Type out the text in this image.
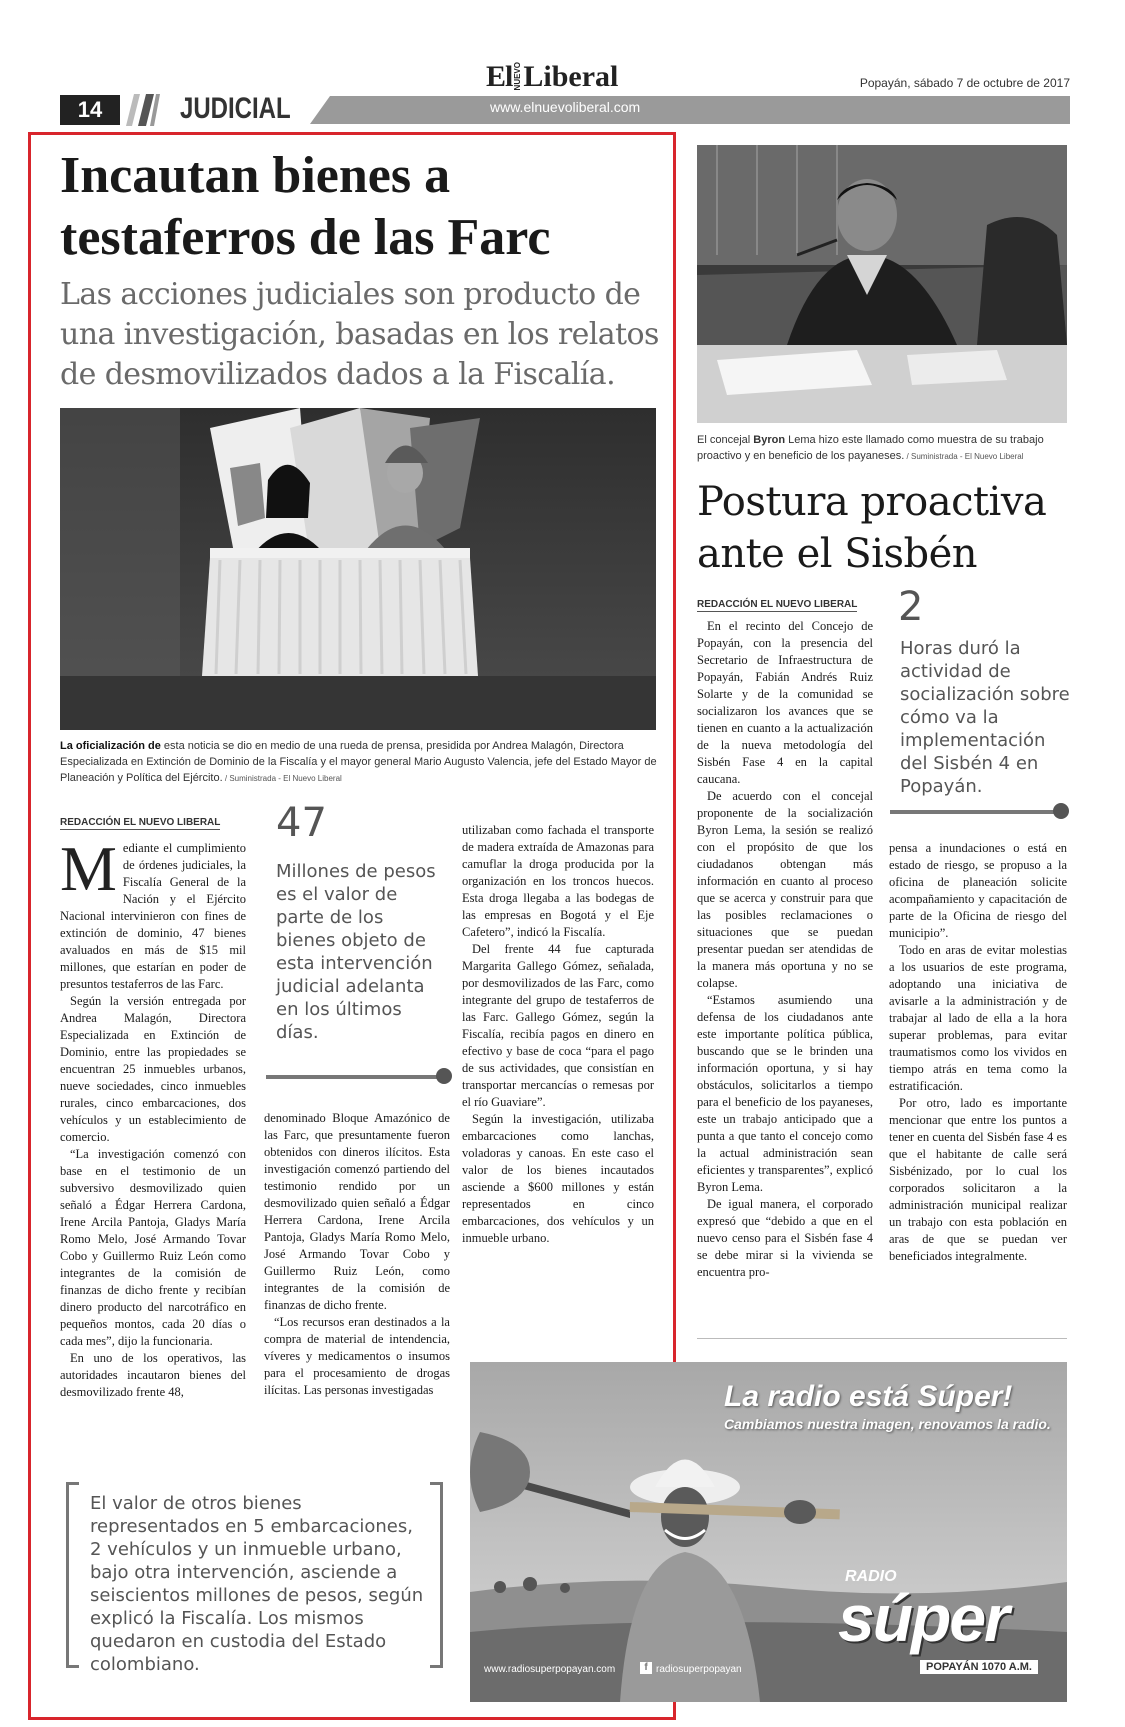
14	JUDICIAL	www.elnuevoliberal.com
El NUEVO Liberal	Popayán, sábado 7 de octubre de 2017
Incautan bienes a testaferros de las Farc
Las acciones judiciales son producto de una investigación, basadas en los relatos de desmovilizados dados a la Fiscalía.
La oficialización de esta noticia se dio en medio de una rueda de prensa, presidida por Andrea Malagón, Directora Especializada en Extinción de Dominio de la Fiscalía y el mayor general Mario Augusto Valencia, jefe del Estado Mayor de Planeación y Política del Ejército. / Suministrada - El Nuevo Liberal
REDACCIÓN EL NUEVO LIBERAL
M ediante el cumplimiento de órdenes judiciales, la Fiscalía General de la Nación y el Ejército Nacional intervinieron con fines de extinción de dominio, 47 bienes avaluados en más de $15 mil millones, que estarían en poder de presuntos testaferros de las Farc.

Según la versión entregada por Andrea Malagón, Directora Especializada en Extinción de Dominio, entre las propiedades se encuentran 25 inmuebles urbanos, nueve sociedades, cinco inmuebles rurales, cinco embarcaciones, dos vehículos y un establecimiento de comercio.

“La investigación comenzó con base en el testimonio de un subversivo desmovilizado quien señaló a Édgar Herrera Cardona, Irene Arcila Pantoja, Gladys María Romo Melo, José Armando Tovar Cobo y Guillermo Ruiz León como integrantes de la comisión de finanzas de dicho frente y recibían dinero producto del narcotráfico en pequeños montos, cada 20 días o cada mes”, dijo la funcionaria.

En uno de los operativos, las autoridades incautaron bienes del desmovilizado frente 48,

47
Millones de pesos es el valor de parte de los bienes objeto de esta intervención judicial adelanta en los últimos días.

denominado Bloque Amazónico de las Farc, que presuntamente fueron obtenidos con dineros ilícitos. Esta investigación comenzó partiendo del testimonio rendido por un desmovilizado quien señaló a Édgar Herrera Cardona, Irene Arcila Pantoja, Gladys María Romo Melo, José Armando Tovar Cobo y Guillermo Ruiz León, como integrantes de la comisión de finanzas de dicho frente.

“Los recursos eran destinados a la compra de material de intendencia, víveres y medicamentos o insumos para el procesamiento de drogas ilícitas. Las personas investigadas

utilizaban como fachada el transporte de madera extraída de Amazonas para camuflar la droga producida por la organización en los troncos huecos. Esta droga llegaba a las bodegas de las empresas en Bogotá y el Eje Cafetero”, indicó la Fiscalía.

Del frente 44 fue capturada Margarita Gallego Gómez, señalada, por desmovilizados de las Farc, como integrante del grupo de testaferros de las Farc. Gallego Gómez, según la Fiscalía, recibía pagos en dinero en efectivo y base de coca “para el pago de sus actividades, que consistían en transportar mercancías o remesas por el río Guaviare”.

Según la investigación, utilizaba embarcaciones como lanchas, voladoras y canoas. En este caso el valor de los bienes incautados asciende a $600 millones y están representados en cinco embarcaciones, dos vehículos y un inmueble urbano.

El valor de otros bienes representados en 5 embarcaciones, 2 vehículos y un inmueble urbano, bajo otra intervención, asciende a seiscientos millones de pesos, según explicó la Fiscalía. Los mismos quedaron en custodia del Estado colombiano.
El concejal Byron Lema hizo este llamado como muestra de su trabajo proactivo y en beneficio de los payaneses. / Suministrada - El Nuevo Liberal
Postura proactiva ante el Sisbén
REDACCIÓN EL NUEVO LIBERAL 2
Horas duró la actividad de socialización sobre cómo va la implementación del Sisbén 4 en Popayán.

En el recinto del Concejo de Popayán, con la presencia del Secretario de Infraestructura de Popayán, Fabián Andrés Ruiz Solarte y de la comunidad se socializaron los avances que se tienen en cuanto a la actualización de la nueva metodología del Sisbén Fase 4 en la capital caucana.

De acuerdo con el concejal proponente de la socialización Byron Lema, la sesión se realizó con el propósito de que los ciudadanos obtengan más información en cuanto al proceso que se acerca y construir para que las posibles reclamaciones o situaciones que se puedan presentar puedan ser atendidas de la manera más oportuna y no se colapse.

“Estamos asumiendo una defensa de los ciudadanos ante este importante política pública, buscando que se le brinden una información oportuna, y si hay obstáculos, solicitarlos a tiempo para el beneficio de los payaneses, este un trabajo anticipado que a punta a que tanto el concejo como la actual administración sean eficientes y transparentes”, explicó Byron Lema.

De igual manera, el corporado expresó que “debido a que en el nuevo censo para el Sisbén fase 4 se debe mirar si la vivienda se encuentra pro-

pensa a inundaciones o está en estado de riesgo, se propuso a la oficina de planeación solicite acompañamiento y capacitación de parte de la Oficina de riesgo del municipio”.

Todo en aras de evitar molestias a los usuarios de este programa, adoptando una iniciativa de avisarle a la administración y de trabajar al lado de ella a la hora superar problemas, para evitar traumatismos como los vividos en tiempo atrás en tema como la estratificación.

Por otro, lado es importante mencionar que entre los puntos a tener en cuenta del Sisbén fase 4 es que el habitante de calle será Sisbénizado, por lo cual los corporados solicitaron a la administración municipal realizar un trabajo con esta población en aras de que se puedan ver beneficiados integralmente.

La radio está Súper!
Cambiamos nuestra imagen, renovamos la radio.
RADIO
súper
POPAYÁN 1070 A.M.
www.radiosuperpopayan.com	f radiosuperpopayan
